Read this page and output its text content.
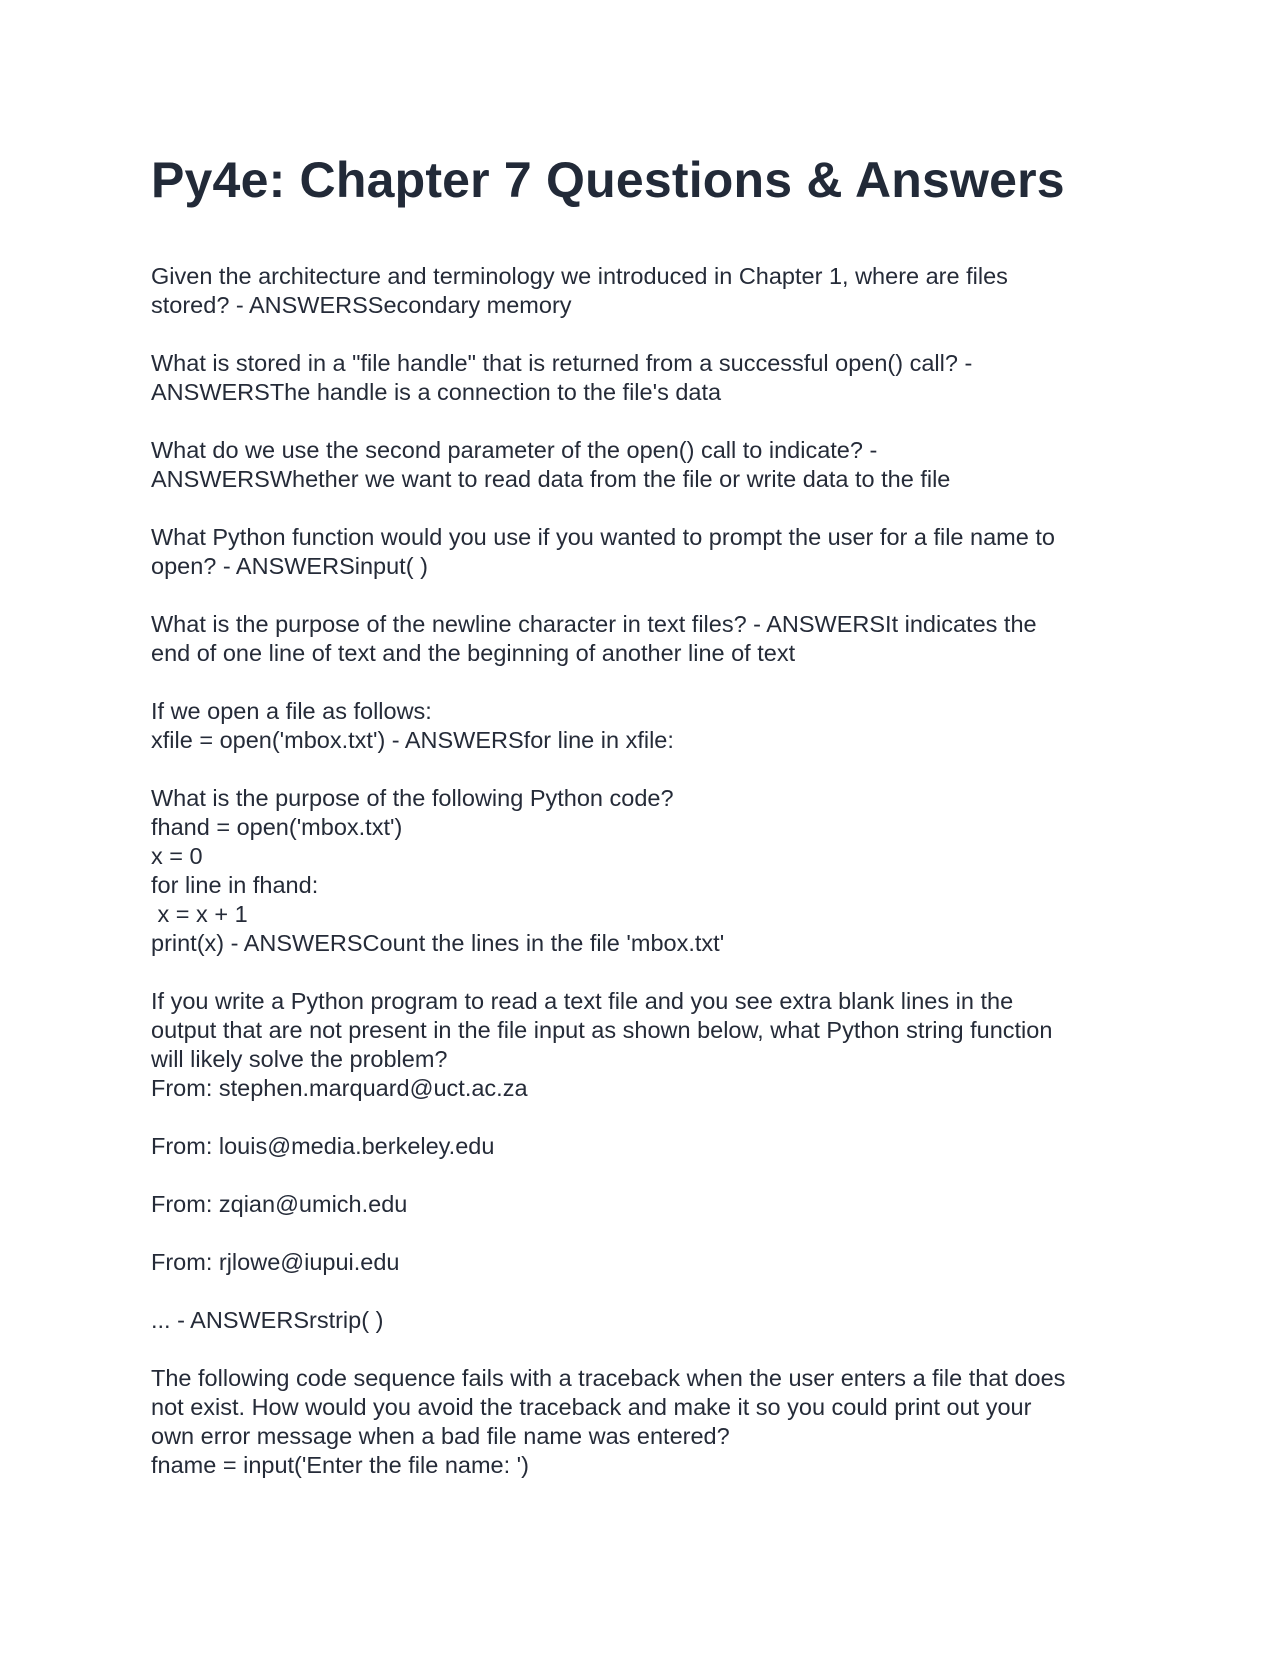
Py4e: Chapter 7 Questions & Answers
Given the architecture and terminology we introduced in Chapter 1, where are files
stored? - ANSWERSSecondary memory
What is stored in a "file handle" that is returned from a successful open() call? -
ANSWERSThe handle is a connection to the file's data
What do we use the second parameter of the open() call to indicate? -
ANSWERSWhether we want to read data from the file or write data to the file
What Python function would you use if you wanted to prompt the user for a file name to
open? - ANSWERSinput( )
What is the purpose of the newline character in text files? - ANSWERSIt indicates the
end of one line of text and the beginning of another line of text
If we open a file as follows:
xfile = open('mbox.txt') - ANSWERSfor line in xfile:
What is the purpose of the following Python code?
fhand = open('mbox.txt')
x = 0
for line in fhand:
x = x + 1
print(x) - ANSWERSCount the lines in the file 'mbox.txt'
If you write a Python program to read a text file and you see extra blank lines in the
output that are not present in the file input as shown below, what Python string function
will likely solve the problem?
From: stephen.marquard@uct.ac.za

From: louis@media.berkeley.edu

From: zqian@umich.edu

From: rjlowe@iupui.edu

... - ANSWERSrstrip( )
The following code sequence fails with a traceback when the user enters a file that does
not exist. How would you avoid the traceback and make it so you could print out your
own error message when a bad file name was entered?
fname = input('Enter the file name: ')
